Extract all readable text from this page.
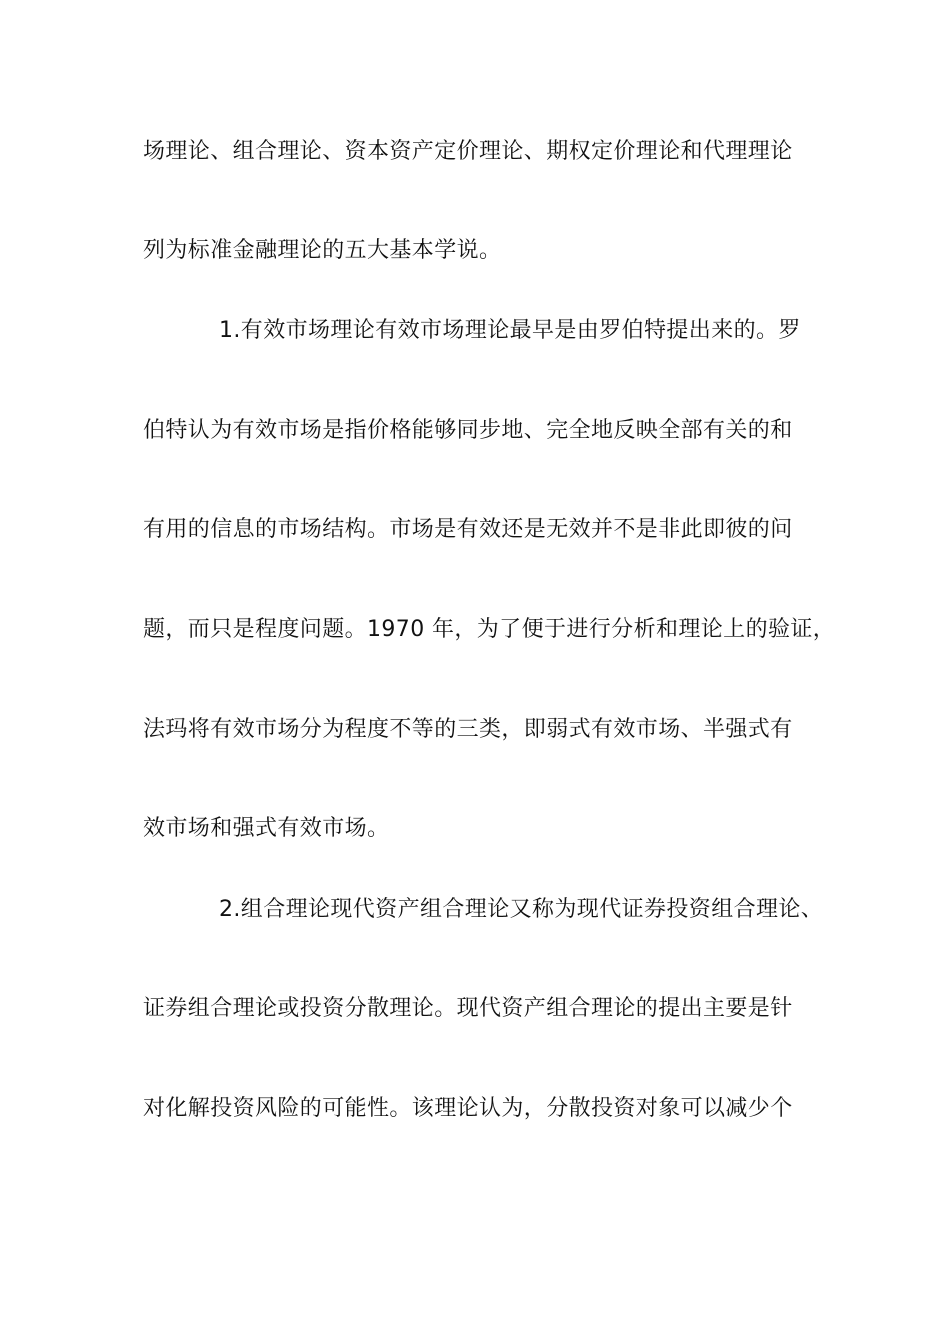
场理论、组合理论、资本资产定价理论、期权定价理论和代理理论
列为标准金融理论的五大基本学说。
1.有效市场理论有效市场理论最早是由罗伯特提出来的。罗
伯特认为有效市场是指价格能够同步地、完全地反映全部有关的和
有用的信息的市场结构。市场是有效还是无效并不是非此即彼的问
题，而只是程度问题。1970 年，为了便于进行分析和理论上的验证，
法玛将有效市场分为程度不等的三类，即弱式有效市场、半强式有
效市场和强式有效市场。
2.组合理论现代资产组合理论又称为现代证券投资组合理论、
证券组合理论或投资分散理论。现代资产组合理论的提出主要是针
对化解投资风险的可能性。该理论认为，分散投资对象可以减少个
